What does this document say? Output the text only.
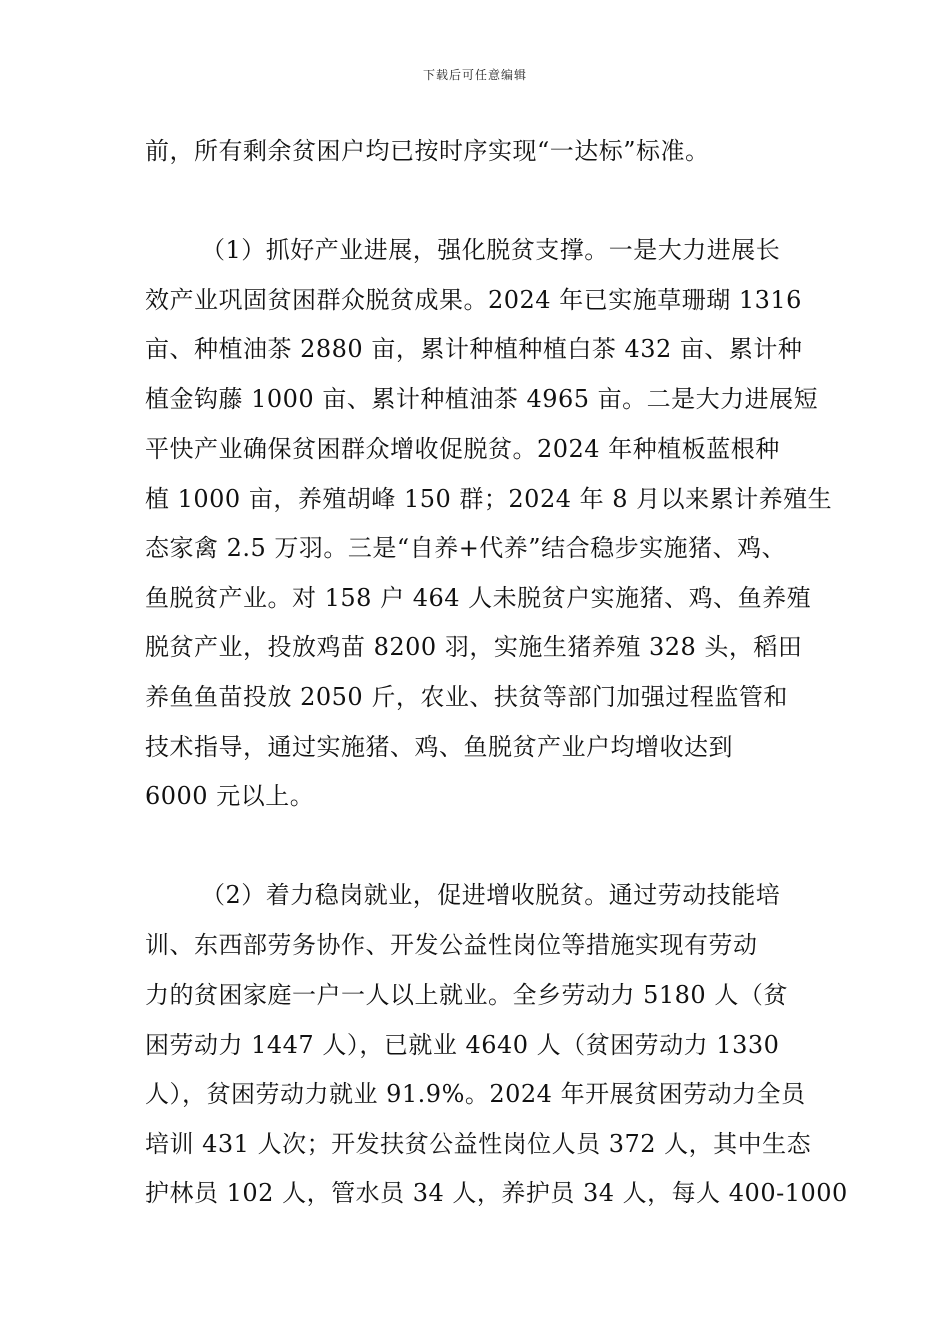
下载后可任意编辑
前，所有剩余贫困户均已按时序实现“一达标”标准。
（1）抓好产业进展，强化脱贫支撑。一是大力进展长
效产业巩固贫困群众脱贫成果。2024 年已实施草珊瑚 1316
亩、种植油茶 2880 亩，累计种植种植白茶 432 亩、累计种
植金钩藤 1000 亩、累计种植油茶 4965 亩。二是大力进展短
平快产业确保贫困群众增收促脱贫。2024 年种植板蓝根种
植 1000 亩，养殖胡峰 150 群；2024 年 8 月以来累计养殖生
态家禽 2.5 万羽。三是“自养+代养”结合稳步实施猪、鸡、
鱼脱贫产业。对 158 户 464 人未脱贫户实施猪、鸡、鱼养殖
脱贫产业，投放鸡苗 8200 羽，实施生猪养殖 328 头，稻田
养鱼鱼苗投放 2050 斤，农业、扶贫等部门加强过程监管和
技术指导，通过实施猪、鸡、鱼脱贫产业户均增收达到
6000 元以上。
（2）着力稳岗就业，促进增收脱贫。通过劳动技能培
训、东西部劳务协作、开发公益性岗位等措施实现有劳动
力的贫困家庭一户一人以上就业。全乡劳动力 5180 人（贫
困劳动力 1447 人），已就业 4640 人（贫困劳动力 1330
人），贫困劳动力就业 91.9%。2024 年开展贫困劳动力全员
培训 431 人次；开发扶贫公益性岗位人员 372 人，其中生态
护林员 102 人，管水员 34 人，养护员 34 人，每人 400-1000
